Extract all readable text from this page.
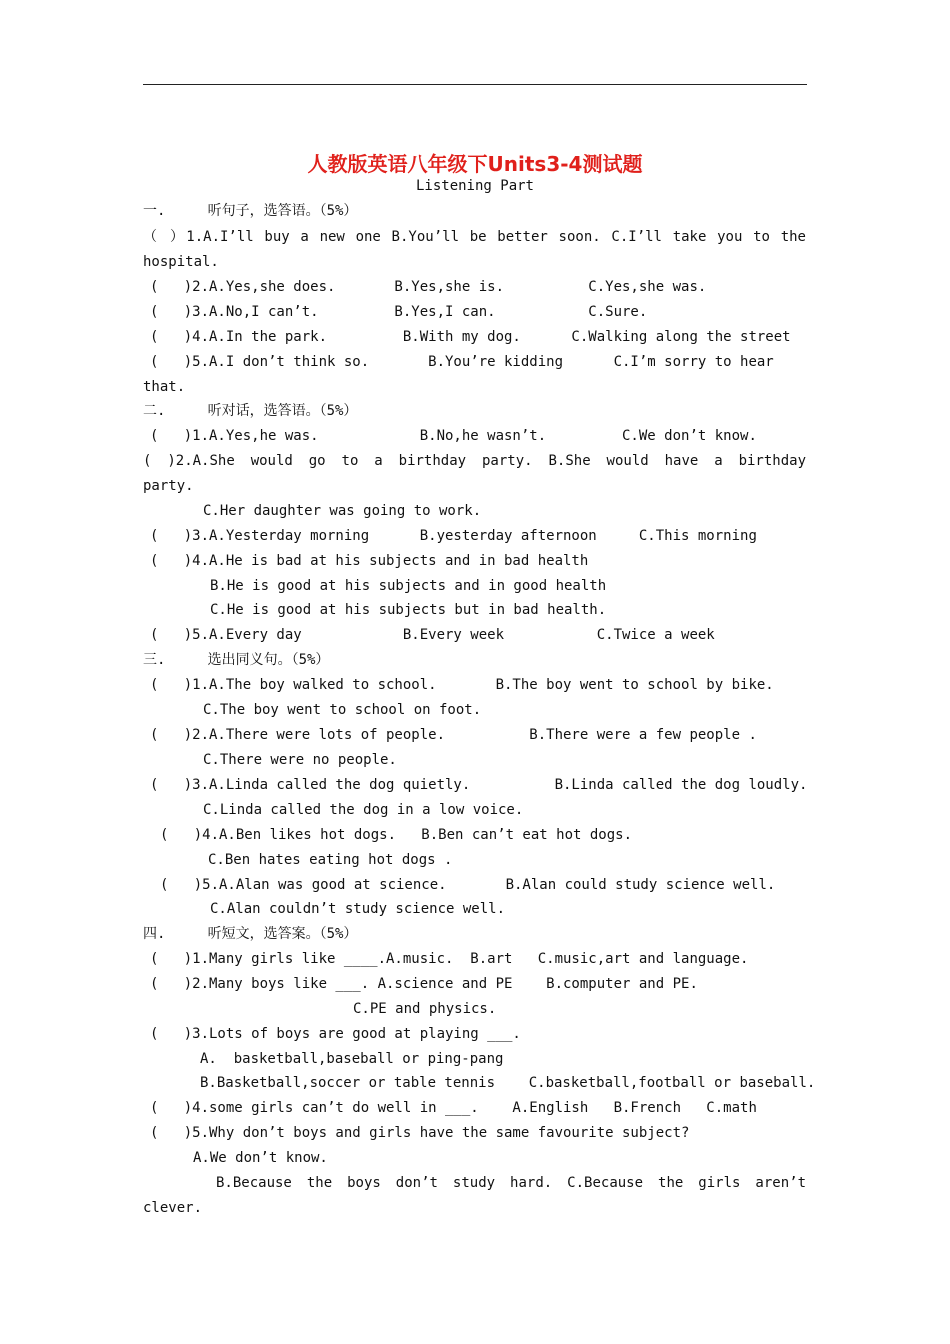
人教版英语八年级下Units3-4测试题
Listening Part
一.     听句子，选答语。（5%）
（ ）1.A.I’ll buy a new one B.You’ll be better soon. C.I’ll take you to the
hospital.
(   )2.A.Yes,she does.       B.Yes,she is.          C.Yes,she was.
(   )3.A.No,I can’t.         B.Yes,I can.           C.Sure.
(   )4.A.In the park.         B.With my dog.      C.Walking along the street
(   )5.A.I don’t think so.       B.You’re kidding      C.I’m sorry to hear
that.
二.     听对话，选答语。（5%）
(   )1.A.Yes,he was.            B.No,he wasn’t.         C.We don’t know.
( )2.A.She would go to a birthday party. B.She would have a birthday
party.
C.Her daughter was going to work.
(   )3.A.Yesterday morning      B.yesterday afternoon     C.This morning
(   )4.A.He is bad at his subjects and in bad health
B.He is good at his subjects and in good health
C.He is good at his subjects but in bad health.
(   )5.A.Every day            B.Every week           C.Twice a week
三.     选出同义句。（5%）
(   )1.A.The boy walked to school.       B.The boy went to school by bike.
C.The boy went to school on foot.
(   )2.A.There were lots of people.          B.There were a few people .
C.There were no people.
(   )3.A.Linda called the dog quietly.          B.Linda called the dog loudly.
C.Linda called the dog in a low voice.
(   )4.A.Ben likes hot dogs.   B.Ben can’t eat hot dogs.
C.Ben hates eating hot dogs .
(   )5.A.Alan was good at science.       B.Alan could study science well.
C.Alan couldn’t study science well.
四.     听短文，选答案。（5%）
(   )1.Many girls like ____.A.music.  B.art   C.music,art and language.
(   )2.Many boys like ___. A.science and PE    B.computer and PE.
C.PE and physics.
(   )3.Lots of boys are good at playing ___.
A.  basketball,baseball or ping-pang
B.Basketball,soccer or table tennis    C.basketball,football or baseball.
(   )4.some girls can’t do well in ___.    A.English   B.French   C.math
(   )5.Why don’t boys and girls have the same favourite subject?
A.We don’t know.
B.Because the boys don’t study hard. C.Because the girls aren’t
clever.
